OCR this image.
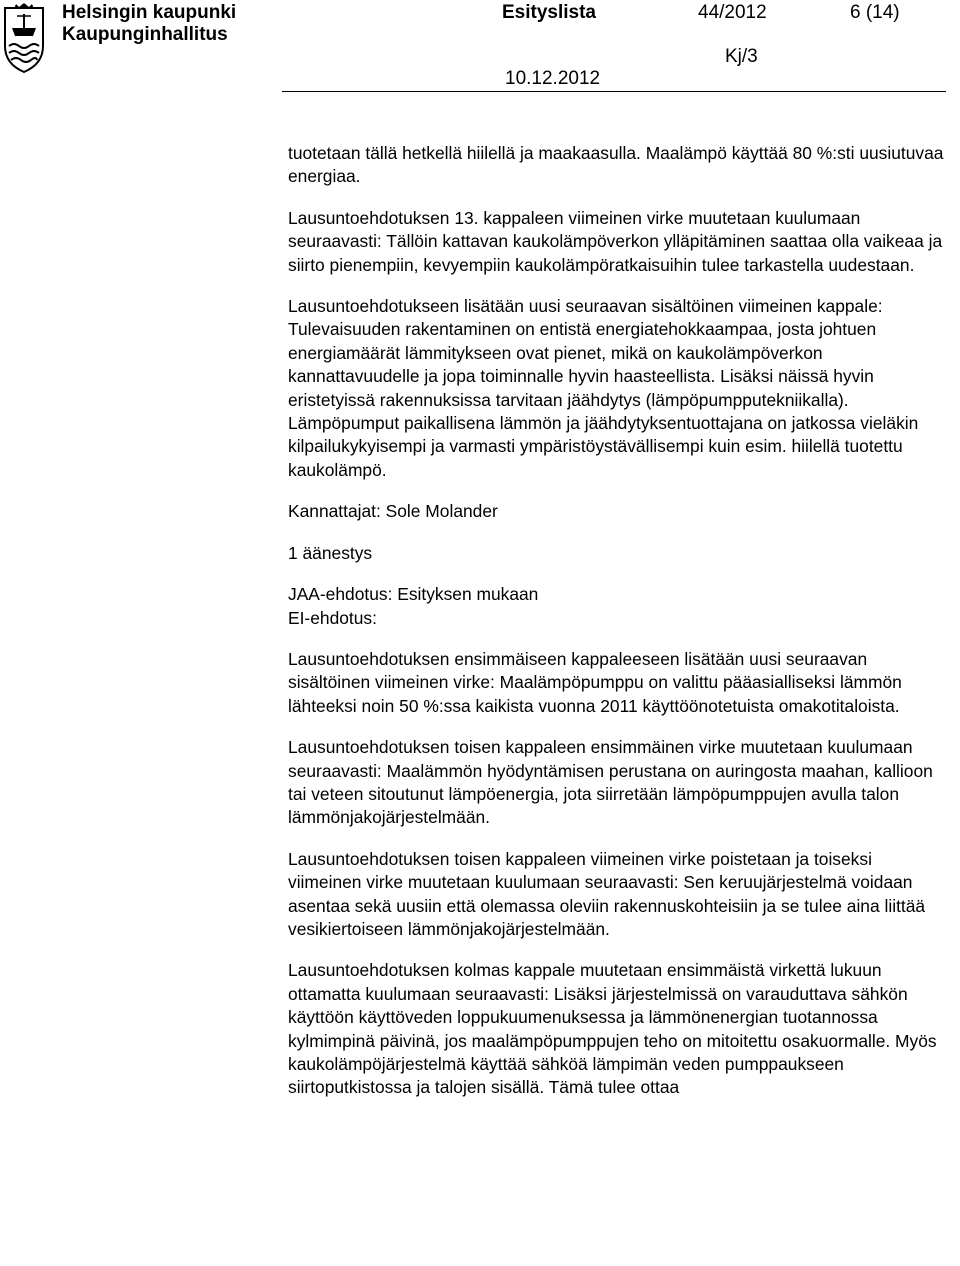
Helsingin kaupunki
Kaupunginhallitus
Esityslista	44/2012	6 (14)
Kj/3
10.12.2012

tuotetaan tällä hetkellä hiilellä ja maakaasulla. Maalämpö käyttää 80 %:sti uusiutuvaa energiaa.

Lausuntoehdotuksen 13. kappaleen viimeinen virke muutetaan kuulumaan seuraavasti: Tällöin kattavan kaukolämpöverkon ylläpitäminen saattaa olla vaikeaa ja siirto pienempiin, kevyempiin kaukolämpöratkaisuihin tulee tarkastella uudestaan.

Lausuntoehdotukseen lisätään uusi seuraavan sisältöinen viimeinen kappale: Tulevaisuuden rakentaminen on entistä energiatehokkaampaa, josta johtuen energiamäärät lämmitykseen ovat pienet, mikä on kaukolämpöverkon kannattavuudelle ja jopa toiminnalle hyvin haasteellista. Lisäksi näissä hyvin eristetyissä rakennuksissa tarvitaan jäähdytys (lämpöpumpputekniikalla). Lämpöpumput paikallisena lämmön ja jäähdytyksentuottajana on jatkossa vieläkin kilpailukykyisempi ja varmasti ympäristöystävällisempi kuin esim. hiilellä tuotettu kaukolämpö.

Kannattajat: Sole Molander

1 äänestys

JAA-ehdotus: Esityksen mukaan
EI-ehdotus:

Lausuntoehdotuksen ensimmäiseen kappaleeseen lisätään uusi seuraavan sisältöinen viimeinen virke: Maalämpöpumppu on valittu pääasialliseksi lämmön lähteeksi noin 50 %:ssa kaikista vuonna 2011 käyttöönotetuista omakotitaloista.

Lausuntoehdotuksen toisen kappaleen ensimmäinen virke muutetaan kuulumaan seuraavasti: Maalämmön hyödyntämisen perustana on auringosta maahan, kallioon tai veteen sitoutunut lämpöenergia, jota siirretään lämpöpumppujen avulla talon lämmönjakojärjestelmään.

Lausuntoehdotuksen toisen kappaleen viimeinen virke poistetaan ja toiseksi viimeinen virke muutetaan kuulumaan seuraavasti: Sen keruujärjestelmä voidaan asentaa sekä uusiin että olemassa oleviin rakennuskohteisiin ja se tulee aina liittää vesikiertoiseen lämmönjakojärjestelmään.

Lausuntoehdotuksen kolmas kappale muutetaan ensimmäistä virkettä lukuun ottamatta kuulumaan seuraavasti: Lisäksi järjestelmissä on varauduttava sähkön käyttöön käyttöveden loppukuumenuksessa ja lämmönenergian tuotannossa kylmimpinä päivinä, jos maalämpöpumppujen teho on mitoitettu osakuormalle. Myös kaukolämpöjärjestelmä käyttää sähköä lämpimän veden pumppaukseen siirtoputkistossa ja talojen sisällä. Tämä tulee ottaa
